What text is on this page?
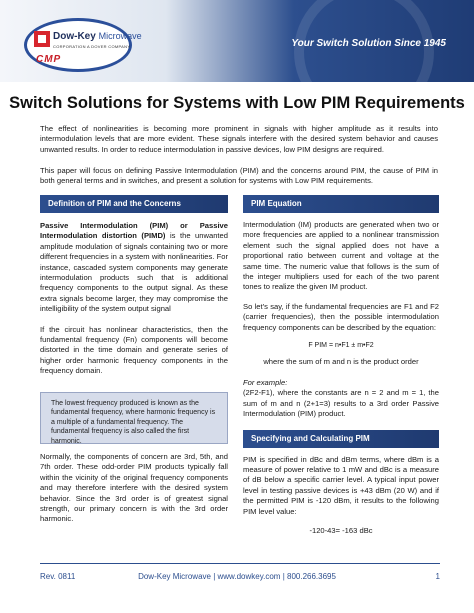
Dow-Key Microwave
CORPORATION A DOVER COMPANY
CMP
Your Switch Solution Since 1945
Switch Solutions for Systems with Low PIM Requirements
The effect of nonlinearities is becoming more prominent in signals with higher amplitude as it results into intermodulation levels that are more evident. These signals interfere with the desired system behavior and causes unwanted results. In order to reduce intermodulation in passive devices, low PIM designs are required.
This paper will focus on defining Passive Intermodulation (PIM) and the concerns around PIM, the cause of PIM in both general terms and in switches, and present a solution for systems with Low PIM requirements.
Definition of PIM and the Concerns
Passive Intermodulation (PIM) or Passive Intermodulation distortion (PIMD) is the unwanted amplitude modulation of signals containing two or more different frequencies in a system with nonlinearities. For instance, cascaded system components may generate intermodulation products such that is additional frequency components to the output signal. As these extra signals become larger, they may compromise the intelligibility of the system output signal
If the circuit has nonlinear characteristics, then the fundamental frequency (Fn) components will become distorted in the time domain and generate series of higher order harmonic frequency components in the frequency domain.
The lowest frequency produced is known as the fundamental frequency, where harmonic frequency is a multiple of a fundamental frequency. The fundamental frequency is also called the first harmonic.
Normally, the components of concern are 3rd, 5th, and 7th order. These odd-order PIM products typically fall within the vicinity of the original frequency components and may therefore interfere with the desired system behavior. Since the 3rd order is of greatest signal strength, our primary concern is with the 3rd order harmonic.
PIM Equation
Intermodulation (IM) products are generated when two or more frequencies are applied to a nonlinear transmission element such the signal applied does not have a proportional ratio between current and voltage at the same time. The numeric value that follows is the sum of the integer multipliers used for each of the two parent tones to realize the given IM product.
So let's say, if the fundamental frequencies are F1 and F2 (carrier frequencies), then the possible intermodulation frequency components can be described by the equation:
F PIM = n•F1 ± m•F2
where the sum of m and n is the product order
For example:
(2F2-F1), where the constants are n = 2 and m = 1, the sum of m and n (2+1=3) results to a 3rd order Passive Intermodulation (PIM) product.
Specifying and Calculating PIM
PIM is specified in dBc and dBm terms, where dBm is a measure of power relative to 1 mW and dBc is a measure of dB below a specific carrier level. A typical input power level in testing passive devices is +43 dBm (20 W) and if the permitted PIM is -120 dBm, it results to the following PIM level value:
-120-43= -163 dBc
Rev. 0811	Dow-Key Microwave | www.dowkey.com | 800.266.3695	1
